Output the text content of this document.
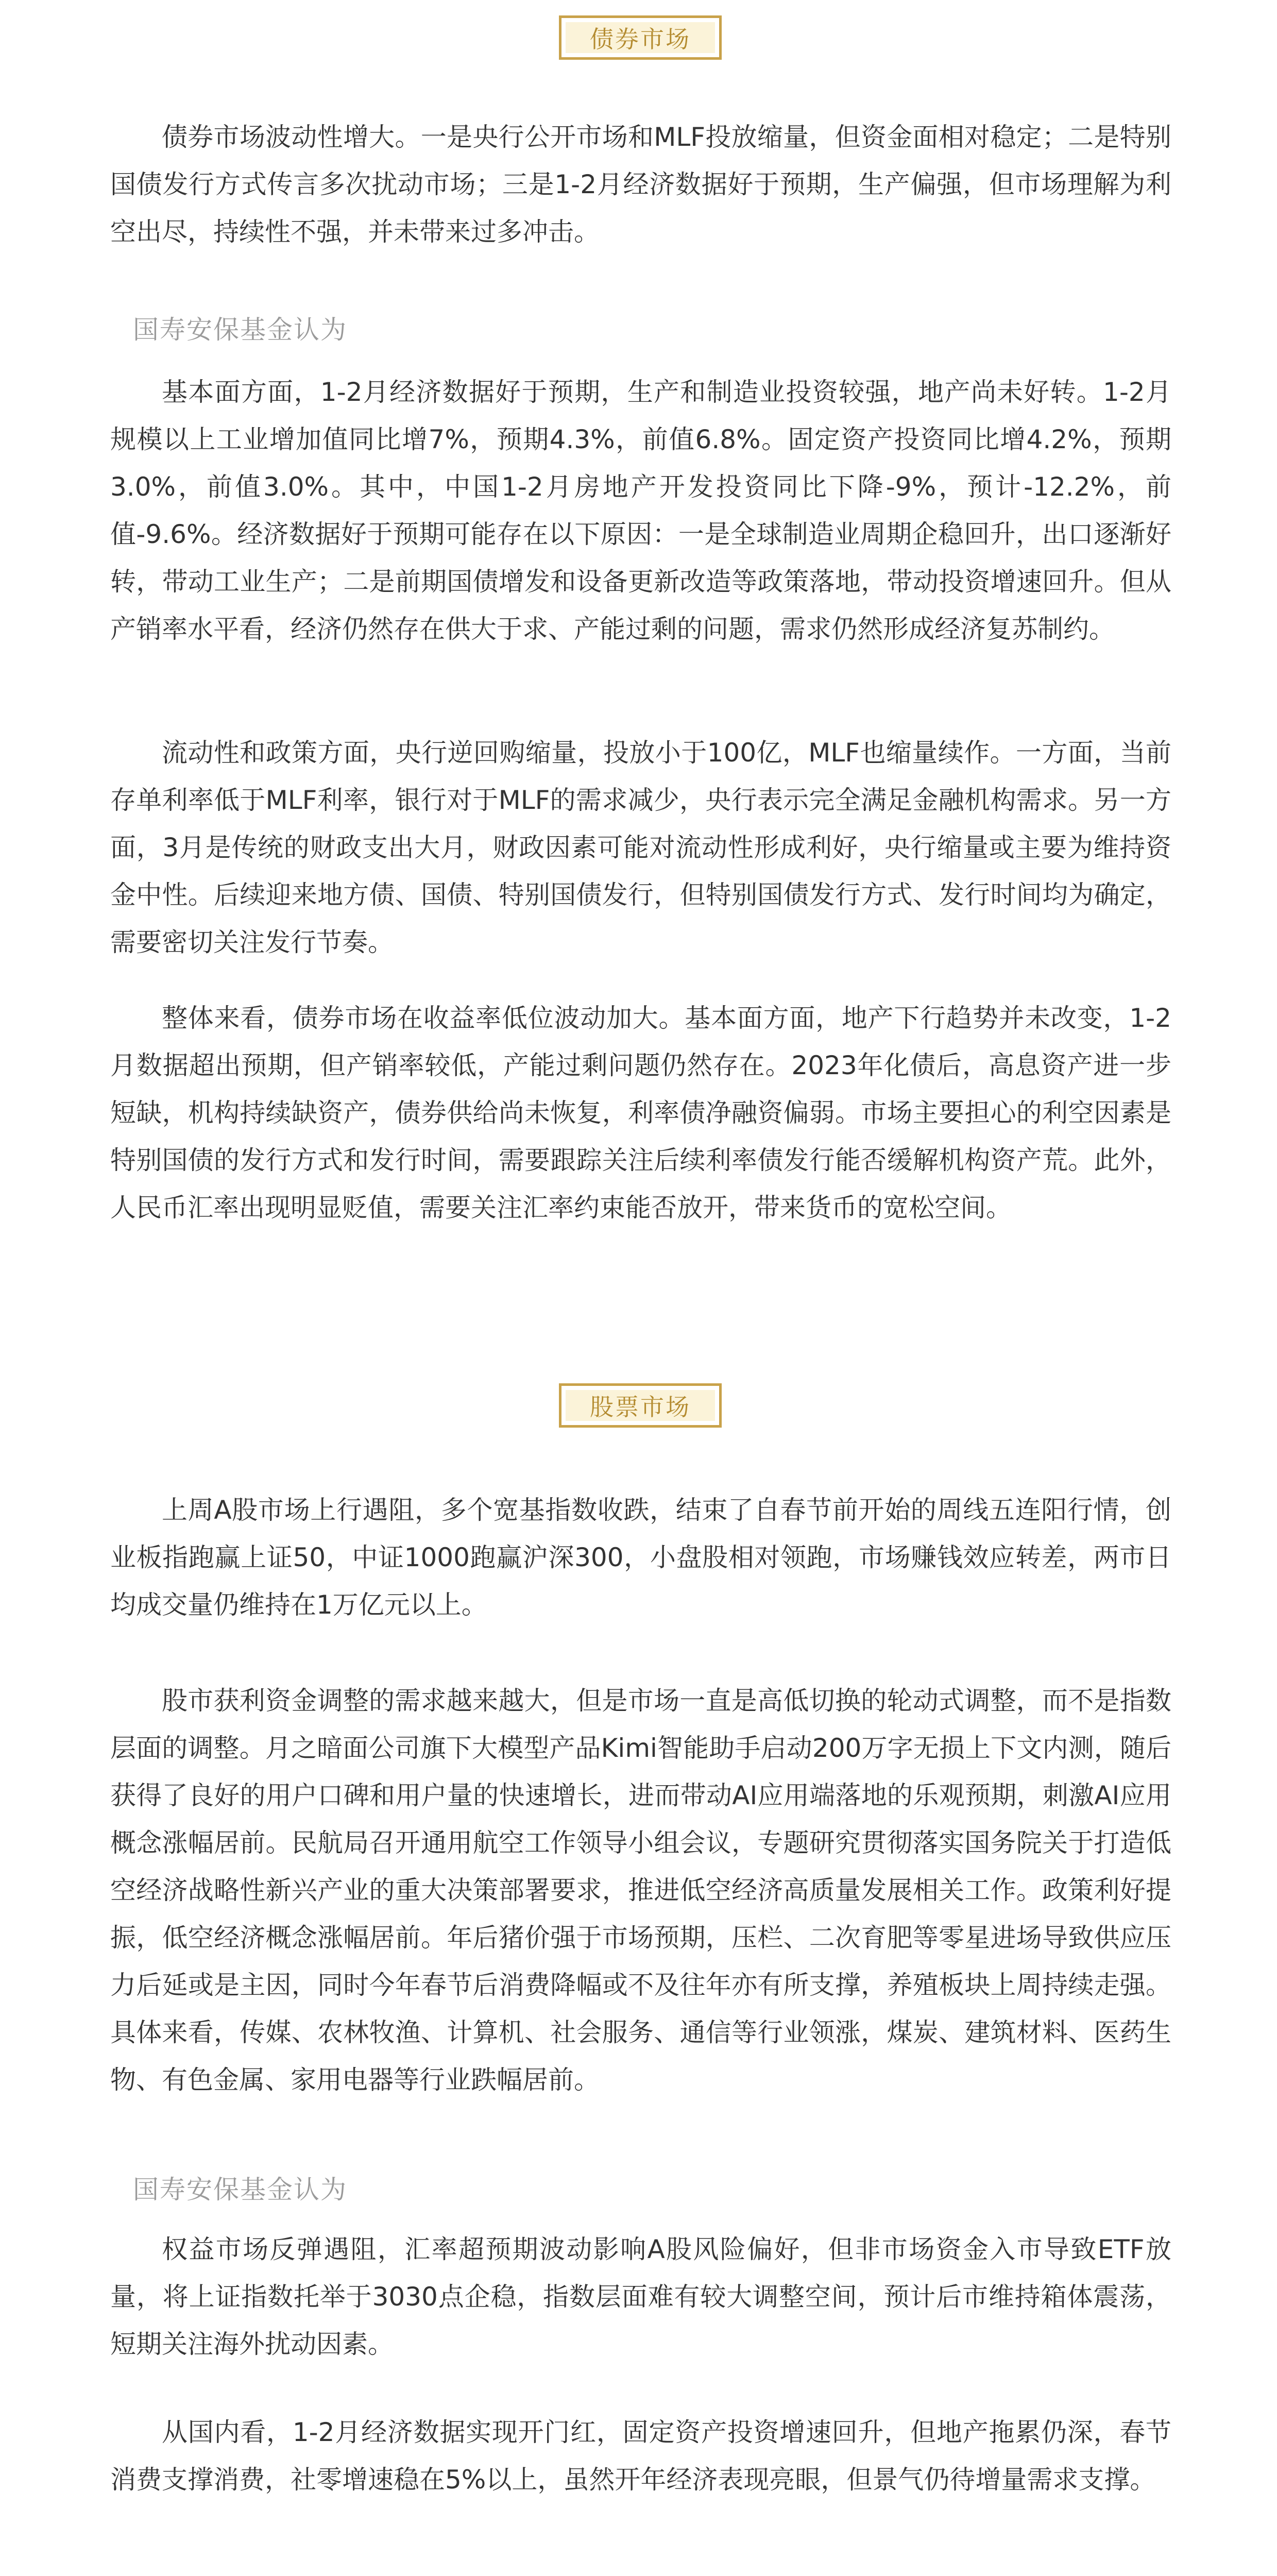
债券市场

债券市场波动性增大。一是央行公开市场和MLF投放缩量，但资金面相对稳定；二是特别国债发行方式传言多次扰动市场；三是1-2月经济数据好于预期，生产偏强，但市场理解为利空出尽，持续性不强，并未带来过多冲击。

国寿安保基金认为

基本面方面，1-2月经济数据好于预期，生产和制造业投资较强，地产尚未好转。1-2月规模以上工业增加值同比增7%，预期4.3%，前值6.8%。固定资产投资同比增4.2%，预期3.0%，前值3.0%。其中，中国1-2月房地产开发投资同比下降-9%，预计-12.2%，前值-9.6%。经济数据好于预期可能存在以下原因：一是全球制造业周期企稳回升，出口逐渐好转，带动工业生产；二是前期国债增发和设备更新改造等政策落地，带动投资增速回升。但从产销率水平看，经济仍然存在供大于求、产能过剩的问题，需求仍然形成经济复苏制约。

流动性和政策方面，央行逆回购缩量，投放小于100亿，MLF也缩量续作。一方面，当前存单利率低于MLF利率，银行对于MLF的需求减少，央行表示完全满足金融机构需求。另一方面，3月是传统的财政支出大月，财政因素可能对流动性形成利好，央行缩量或主要为维持资金中性。后续迎来地方债、国债、特别国债发行，但特别国债发行方式、发行时间均为确定，需要密切关注发行节奏。

整体来看，债券市场在收益率低位波动加大。基本面方面，地产下行趋势并未改变，1-2月数据超出预期，但产销率较低，产能过剩问题仍然存在。2023年化债后，高息资产进一步短缺，机构持续缺资产，债券供给尚未恢复，利率债净融资偏弱。市场主要担心的利空因素是特别国债的发行方式和发行时间，需要跟踪关注后续利率债发行能否缓解机构资产荒。此外，人民币汇率出现明显贬值，需要关注汇率约束能否放开，带来货币的宽松空间。

股票市场

上周A股市场上行遇阻，多个宽基指数收跌，结束了自春节前开始的周线五连阳行情，创业板指跑赢上证50，中证1000跑赢沪深300，小盘股相对领跑，市场赚钱效应转差，两市日均成交量仍维持在1万亿元以上。

股市获利资金调整的需求越来越大，但是市场一直是高低切换的轮动式调整，而不是指数层面的调整。月之暗面公司旗下大模型产品Kimi智能助手启动200万字无损上下文内测，随后获得了良好的用户口碑和用户量的快速增长，进而带动AI应用端落地的乐观预期，刺激AI应用概念涨幅居前。民航局召开通用航空工作领导小组会议，专题研究贯彻落实国务院关于打造低空经济战略性新兴产业的重大决策部署要求，推进低空经济高质量发展相关工作。政策利好提振，低空经济概念涨幅居前。年后猪价强于市场预期，压栏、二次育肥等零星进场导致供应压力后延或是主因，同时今年春节后消费降幅或不及往年亦有所支撑，养殖板块上周持续走强。具体来看，传媒、农林牧渔、计算机、社会服务、通信等行业领涨，煤炭、建筑材料、医药生物、有色金属、家用电器等行业跌幅居前。

国寿安保基金认为

权益市场反弹遇阻，汇率超预期波动影响A股风险偏好，但非市场资金入市导致ETF放量，将上证指数托举于3030点企稳，指数层面难有较大调整空间，预计后市维持箱体震荡，短期关注海外扰动因素。

从国内看，1-2月经济数据实现开门红，固定资产投资增速回升，但地产拖累仍深，春节消费支撑消费，社零增速稳在5%以上，虽然开年经济表现亮眼，但景气仍待增量需求支撑。
